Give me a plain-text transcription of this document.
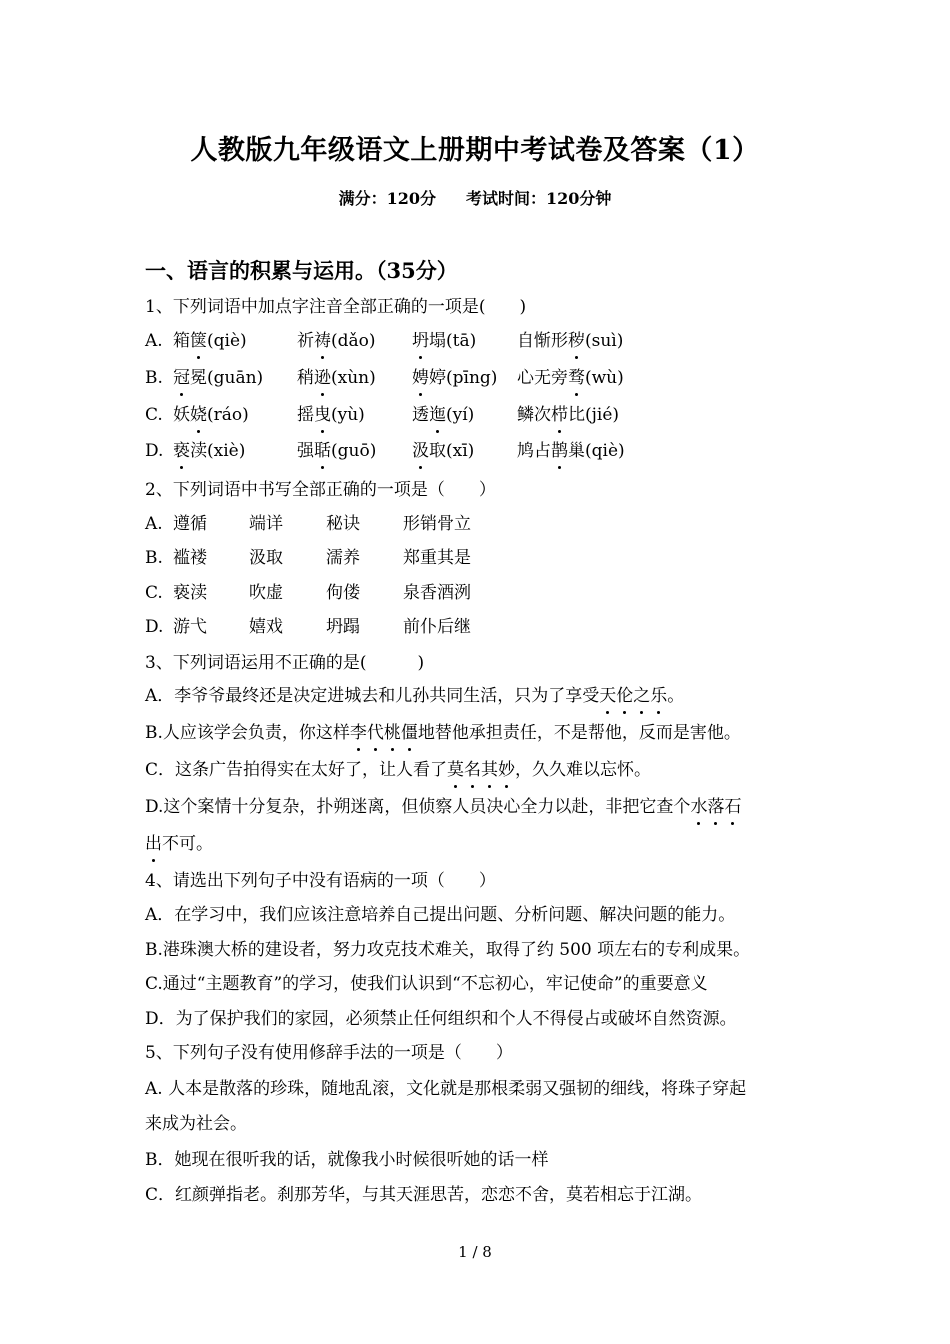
人教版九年级语文上册期中考试卷及答案（1）
满分：120分 考试时间：120分钟
一、语言的积累与运用。（35分）
1、下列词语中加点字注音全部正确的一项是(　　)
A. 箱箧(qiè)	祈祷(dǎo) 坍塌(tā) 自惭形秽(suì)
B. 冠冕(guān) 稍逊(xùn) 娉婷(pīng) 心无旁骛(wù)
C. 妖娆(ráo)	摇曳(yù)	透迤(yí)	鳞次栉比(jié)
D. 亵渎(xiè)	强聒(guō) 汲取(xī)	鸠占鹊巢(qiè)
2、下列词语中书写全部正确的一项是（　　）
A. 遵循 端详	秘诀	形销骨立
B. 褴褛 汲取	濡养	郑重其是
C. 亵渎 吹虚	佝偻	泉香酒洌
D. 游弋 嬉戏	坍蹋	前仆后继
3、下列词语运用不正确的是(　　　)
A．李爷爷最终还是决定进城去和儿孙共同生活，只为了享受天伦之乐。
B.人应该学会负责，你这样李代桃僵地替他承担责任，不是帮他，反而是害他。
C．这条广告拍得实在太好了，让人看了莫名其妙，久久难以忘怀。
D.这个案情十分复杂，扑朔迷离，但侦察人员决心全力以赴，非把它查个水落石
出不可。
4、请选出下列句子中没有语病的一项（　　）
A．在学习中，我们应该注意培养自己提出问题、分析问题、解决问题的能力。
B.港珠澳大桥的建设者，努力攻克技术难关，取得了约 500 项左右的专利成果。
C.通过“主题教育”的学习，使我们认识到“不忘初心，牢记使命”的重要意义
D．为了保护我们的家园，必须禁止任何组织和个人不得侵占或破坏自然资源。
5、下列句子没有使用修辞手法的一项是（　　）
A. 人本是散落的珍珠，随地乱滚，文化就是那根柔弱又强韧的细线，将珠子穿起
来成为社会。
B．她现在很听我的话，就像我小时候很听她的话一样
C．红颜弹指老。刹那芳华，与其天涯思苦，恋恋不舍，莫若相忘于江湖。
1 / 8
